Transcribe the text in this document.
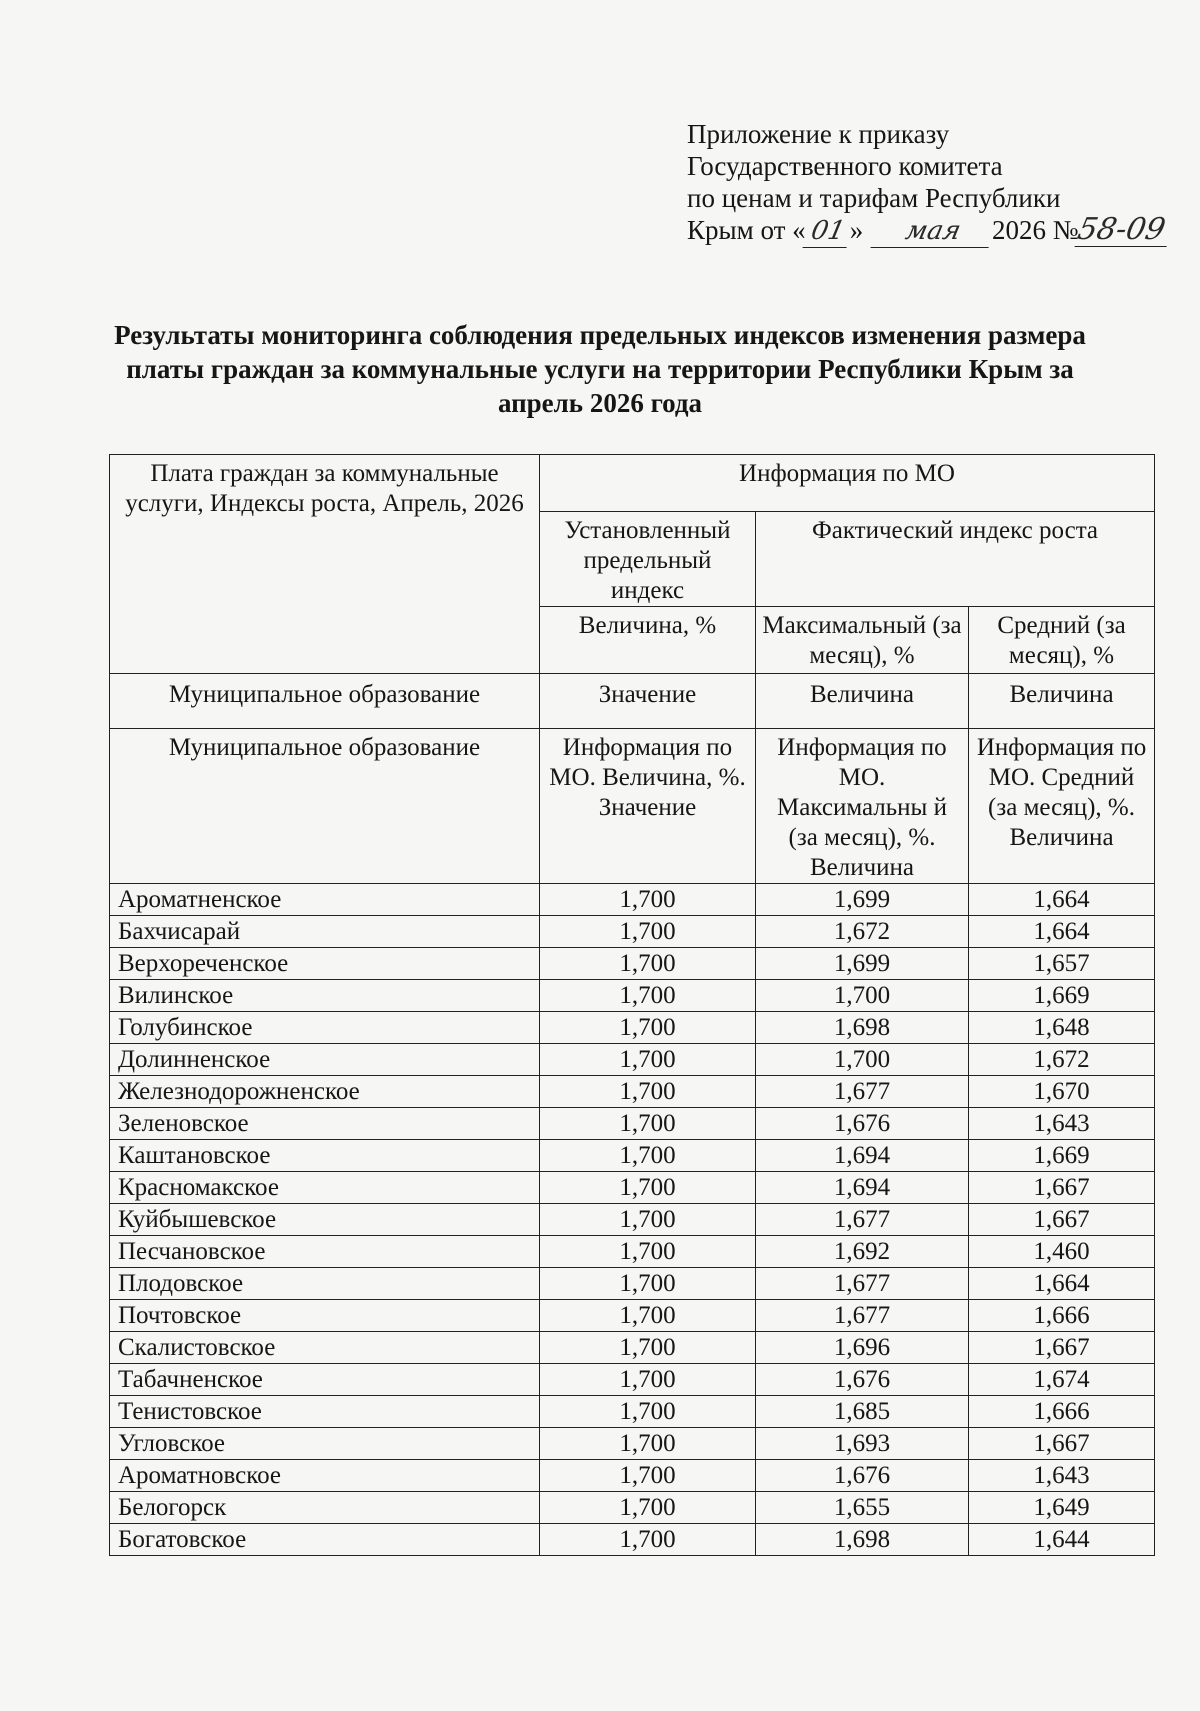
Приложение к приказу
Государственного комитета
по ценам и тарифам Республики
Крым от «01» мая 2026 №58-09
Результаты мониторинга соблюдения предельных индексов изменения размера платы граждан за коммунальные услуги на территории Республики Крым за апрель 2026 года
Плата граждан за коммунальные услуги, Индексы роста, Апрель, 2026	Информация по МО		
	Установленный предельный индекс	Фактический индекс роста	
	Величина, %	Максимальный (за месяц), %	Средний (за месяц), %
Муниципальное образование	Значение	Величина	Величина
Муниципальное образование	Информация по МО. Величина, %. Значение	Информация по МО. Максимальны й (за месяц), %. Величина	Информация по МО. Средний (за месяц), %. Величина
Ароматненское	1,700	1,699	1,664
Бахчисарай	1,700	1,672	1,664
Верхореченское	1,700	1,699	1,657
Вилинское	1,700	1,700	1,669
Голубинское	1,700	1,698	1,648
Долинненское	1,700	1,700	1,672
Железнодорожненское	1,700	1,677	1,670
Зеленовское	1,700	1,676	1,643
Каштановское	1,700	1,694	1,669
Красномакское	1,700	1,694	1,667
Куйбышевское	1,700	1,677	1,667
Песчановское	1,700	1,692	1,460
Плодовское	1,700	1,677	1,664
Почтовское	1,700	1,677	1,666
Скалистовское	1,700	1,696	1,667
Табачненское	1,700	1,676	1,674
Тенистовское	1,700	1,685	1,666
Угловское	1,700	1,693	1,667
Ароматновское	1,700	1,676	1,643
Белогорск	1,700	1,655	1,649
Богатовское	1,700	1,698	1,644
